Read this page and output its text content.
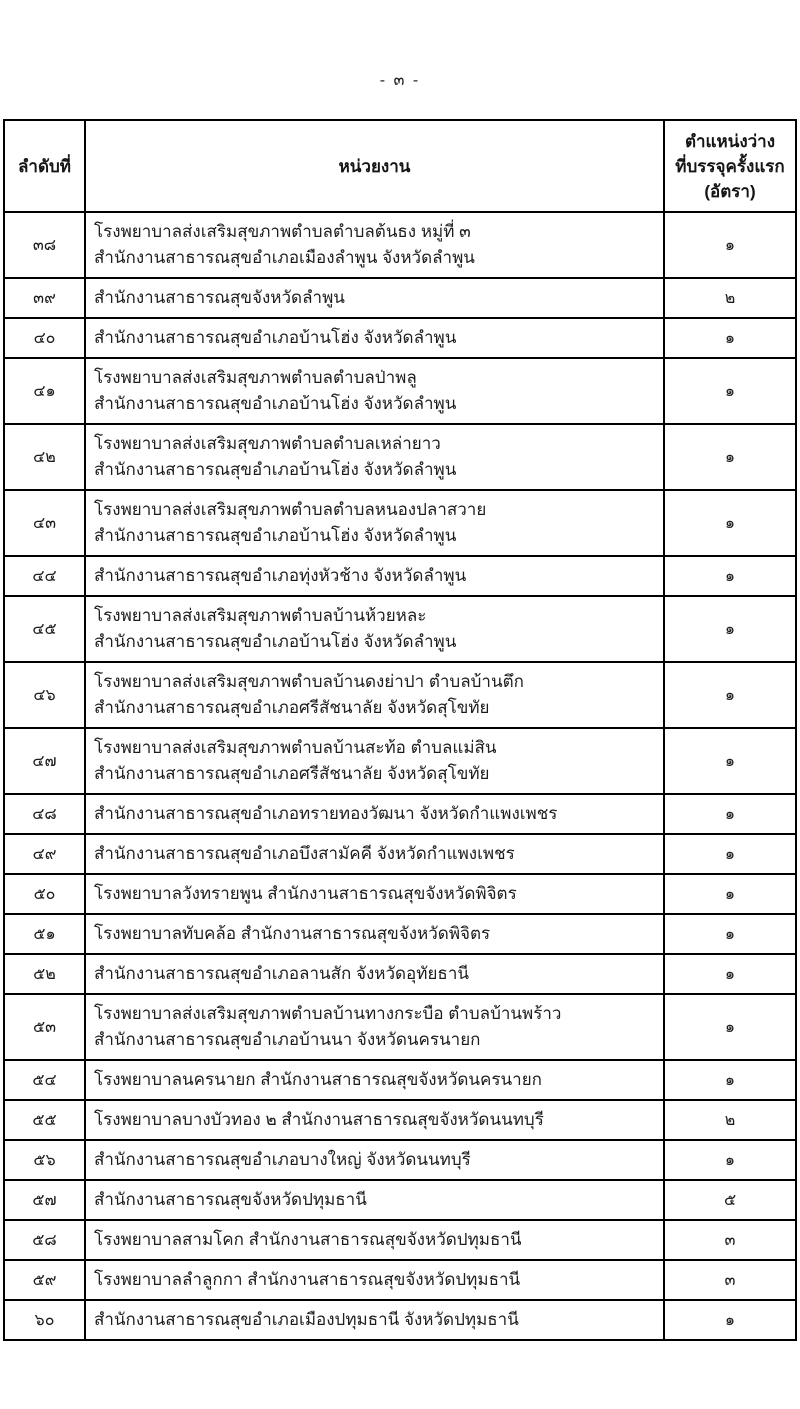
- ๓ -
ลำดับที่	หน่วยงาน	ตำแหน่งว่าง
ที่บรรจุครั้งแรก
(อัตรา)

๓๘	โรงพยาบาลส่งเสริมสุขภาพตำบลตำบลต้นธง หมู่ที่ ๓
สำนักงานสาธารณสุขอำเภอเมืองลำพูน จังหวัดลำพูน	๑
๓๙	สำนักงานสาธารณสุขจังหวัดลำพูน	๒
๔๐	สำนักงานสาธารณสุขอำเภอบ้านโฮ่ง จังหวัดลำพูน	๑
๔๑	โรงพยาบาลส่งเสริมสุขภาพตำบลตำบลป่าพลู
สำนักงานสาธารณสุขอำเภอบ้านโฮ่ง จังหวัดลำพูน	๑
๔๒	โรงพยาบาลส่งเสริมสุขภาพตำบลตำบลเหล่ายาว
สำนักงานสาธารณสุขอำเภอบ้านโฮ่ง จังหวัดลำพูน	๑
๔๓	โรงพยาบาลส่งเสริมสุขภาพตำบลตำบลหนองปลาสวาย
สำนักงานสาธารณสุขอำเภอบ้านโฮ่ง จังหวัดลำพูน	๑
๔๔	สำนักงานสาธารณสุขอำเภอทุ่งหัวช้าง จังหวัดลำพูน	๑
๔๕	โรงพยาบาลส่งเสริมสุขภาพตำบลบ้านห้วยหละ
สำนักงานสาธารณสุขอำเภอบ้านโฮ่ง จังหวัดลำพูน	๑
๔๖	โรงพยาบาลส่งเสริมสุขภาพตำบลบ้านดงย่าปา ตำบลบ้านตึก
สำนักงานสาธารณสุขอำเภอศรีสัชนาลัย จังหวัดสุโขทัย	๑
๔๗	โรงพยาบาลส่งเสริมสุขภาพตำบลบ้านสะท้อ ตำบลแม่สิน
สำนักงานสาธารณสุขอำเภอศรีสัชนาลัย จังหวัดสุโขทัย	๑
๔๘	สำนักงานสาธารณสุขอำเภอทรายทองวัฒนา จังหวัดกำแพงเพชร	๑
๔๙	สำนักงานสาธารณสุขอำเภอบึงสามัคคี จังหวัดกำแพงเพชร	๑
๕๐	โรงพยาบาลวังทรายพูน สำนักงานสาธารณสุขจังหวัดพิจิตร	๑
๕๑	โรงพยาบาลทับคล้อ สำนักงานสาธารณสุขจังหวัดพิจิตร	๑
๕๒	สำนักงานสาธารณสุขอำเภอลานสัก จังหวัดอุทัยธานี	๑
๕๓	โรงพยาบาลส่งเสริมสุขภาพตำบลบ้านทางกระบือ ตำบลบ้านพร้าว
สำนักงานสาธารณสุขอำเภอบ้านนา จังหวัดนครนายก	๑
๕๔	โรงพยาบาลนครนายก สำนักงานสาธารณสุขจังหวัดนครนายก	๑
๕๕	โรงพยาบาลบางบัวทอง ๒ สำนักงานสาธารณสุขจังหวัดนนทบุรี	๒
๕๖	สำนักงานสาธารณสุขอำเภอบางใหญ่ จังหวัดนนทบุรี	๑
๕๗	สำนักงานสาธารณสุขจังหวัดปทุมธานี	๕
๕๘	โรงพยาบาลสามโคก สำนักงานสาธารณสุขจังหวัดปทุมธานี	๓
๕๙	โรงพยาบาลลำลูกกา สำนักงานสาธารณสุขจังหวัดปทุมธานี	๓
๖๐	สำนักงานสาธารณสุขอำเภอเมืองปทุมธานี จังหวัดปทุมธานี	๑
